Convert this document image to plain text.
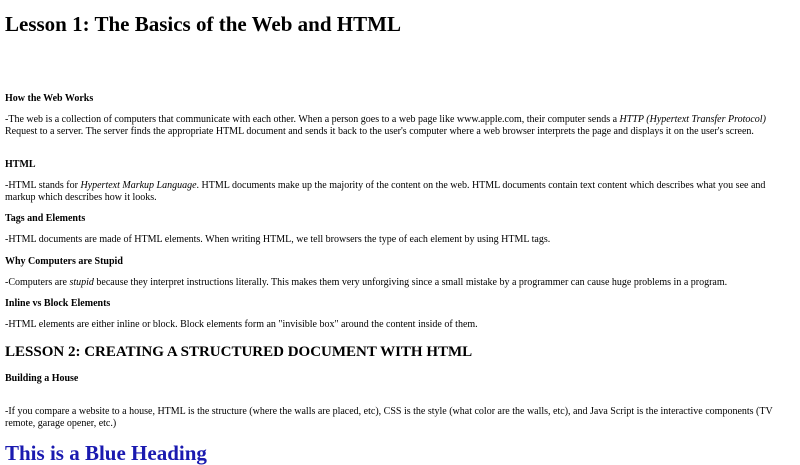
Lesson 1: The Basics of the Web and HTML
How the Web Works

-The web is a collection of computers that communicate with each other. When a person goes to a web page like www.apple.com, their computer sends a HTTP (Hypertext Transfer Protocol) Request to a server. The server finds the appropriate HTML document and sends it back to the user's computer where a web browser interprets the page and displays it on the user's screen.

HTML

-HTML stands for Hypertext Markup Language. HTML documents make up the majority of the content on the web. HTML documents contain text content which describes what you see and markup which describes how it looks.

Tags and Elements

-HTML documents are made of HTML elements. When writing HTML, we tell browsers the type of each element by using HTML tags.

Why Computers are Stupid

-Computers are stupid because they interpret instructions literally. This makes them very unforgiving since a small mistake by a programmer can cause huge problems in a program.

Inline vs Block Elements

-HTML elements are either inline or block. Block elements form an "invisible box" around the content inside of them.

LESSON 2: CREATING A STRUCTURED DOCUMENT WITH HTML
Building a House

-If you compare a website to a house, HTML is the structure (where the walls are placed, etc), CSS is the style (what color are the walls, etc), and Java Script is the interactive components (TV remote, garage opener, etc.)

This is a Blue Heading
